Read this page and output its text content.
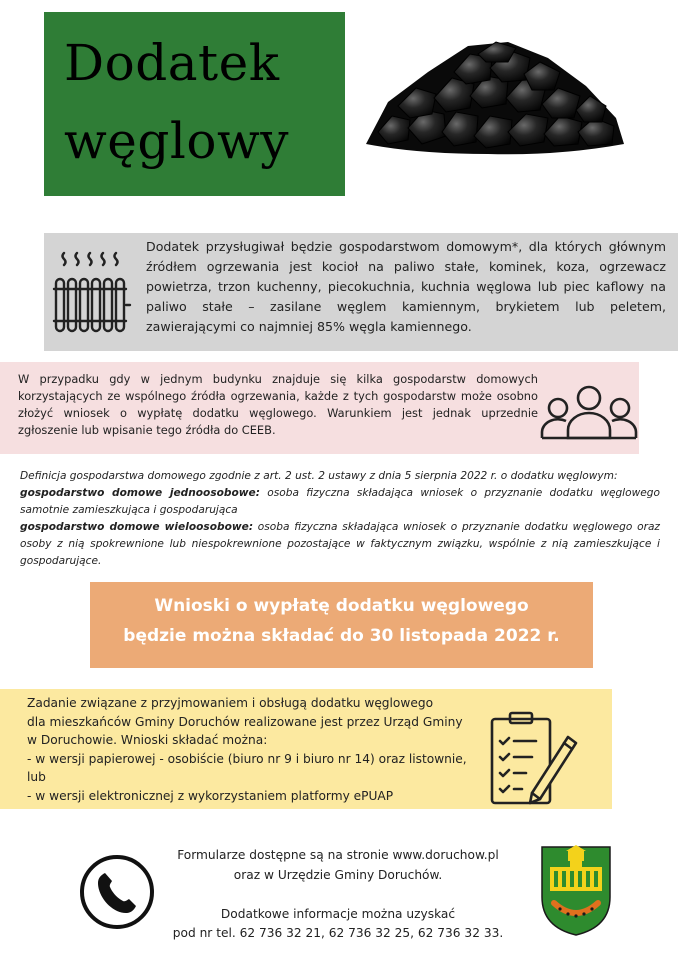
Dodatek
węglowy

Dodatek przysługiwał będzie gospodarstwom domowym*, dla których głównym źródłem ogrzewania jest kocioł na paliwo stałe, kominek, koza, ogrzewacz powietrza, trzon kuchenny, piecokuchnia, kuchnia węglowa lub piec kaflowy na paliwo stałe – zasilane węglem kamiennym, brykietem lub peletem, zawierającymi co najmniej 85% węgla kamiennego.

W przypadku gdy w jednym budynku znajduje się kilka gospodarstw domowych korzystających ze wspólnego źródła ogrzewania, każde z tych gospodarstw może osobno złożyć wniosek o wypłatę dodatku węglowego. Warunkiem jest jednak uprzednie zgłoszenie lub wpisanie tego źródła do CEEB.

Definicja gospodarstwa domowego zgodnie z art. 2 ust. 2 ustawy z dnia 5 sierpnia 2022 r. o dodatku węglowym:
gospodarstwo domowe jednoosobowe: osoba fizyczna składająca wniosek o przyznanie dodatku węglowego samotnie zamieszkująca i gospodarująca
gospodarstwo domowe wieloosobowe: osoba fizyczna składająca wniosek o przyznanie dodatku węglowego oraz osoby z nią spokrewnione lub niespokrewnione pozostające w faktycznym związku, wspólnie z nią zamieszkujące i gospodarujące.
Wnioski o wypłatę dodatku węglowego
będzie można składać do 30 listopada 2022 r.
Zadanie związane z przyjmowaniem i obsługą dodatku węglowego
dla mieszkańców Gminy Doruchów realizowane jest przez Urząd Gminy
w Doruchowie. Wnioski składać można:
- w wersji papierowej - osobiście (biuro nr 9 i biuro nr 14) oraz listownie,
lub
- w wersji elektronicznej z wykorzystaniem platformy ePUAP
Formularze dostępne są na stronie www.doruchow.pl
oraz w Urzędzie Gminy Doruchów.
Dodatkowe informacje można uzyskać
pod nr tel. 62 736 32 21, 62 736 32 25, 62 736 32 33.
